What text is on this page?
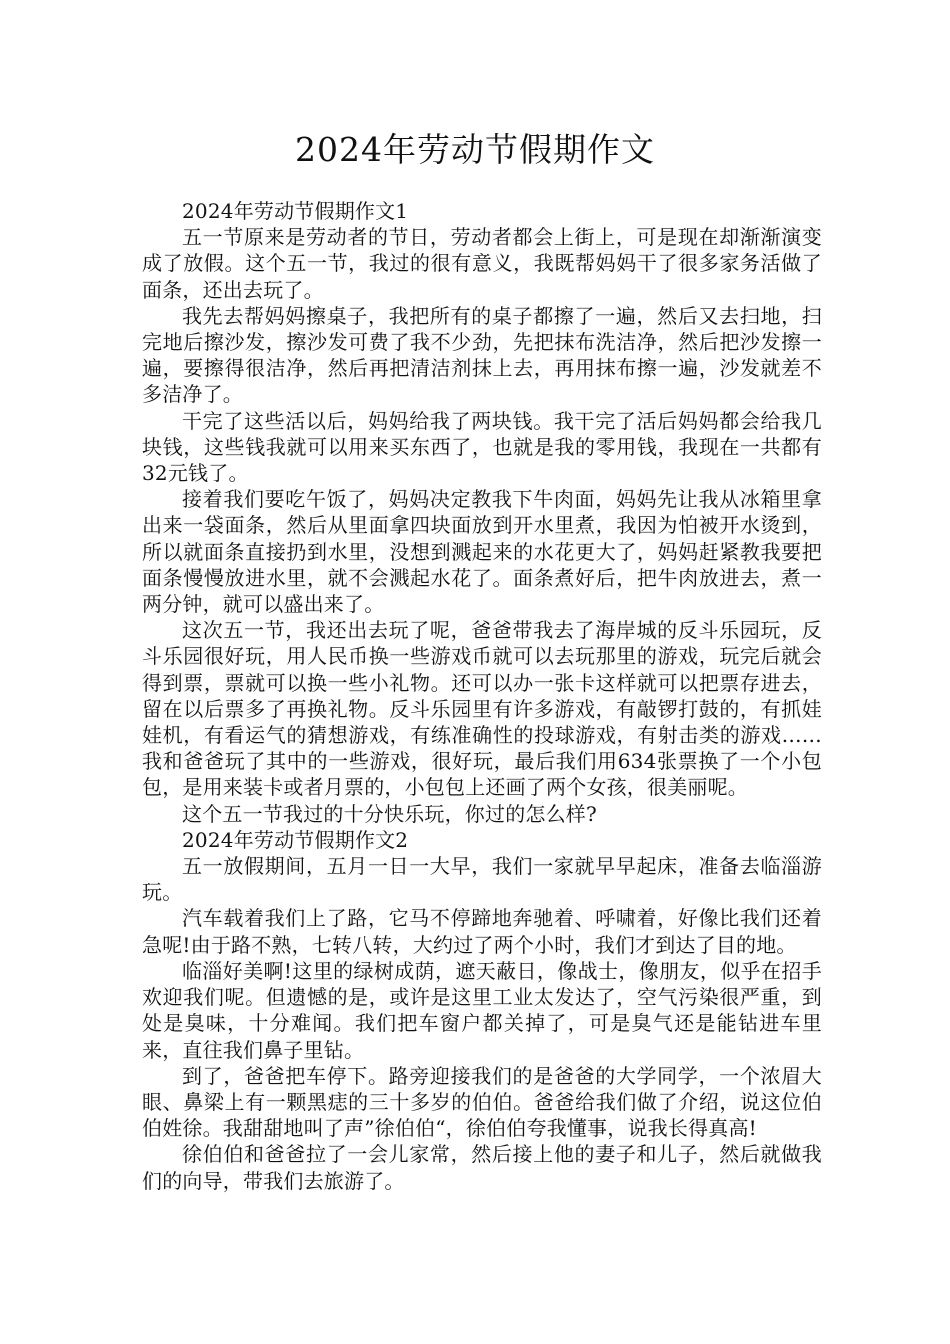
2024年劳动节假期作文

2024年劳动节假期作文1

五一节原来是劳动者的节日，劳动者都会上街上，可是现在却渐渐演变成了放假。这个五一节，我过的很有意义，我既帮妈妈干了很多家务活做了面条，还出去玩了。

我先去帮妈妈擦桌子，我把所有的桌子都擦了一遍，然后又去扫地，扫完地后擦沙发，擦沙发可费了我不少劲，先把抹布洗洁净，然后把沙发擦一遍，要擦得很洁净，然后再把清洁剂抹上去，再用抹布擦一遍，沙发就差不多洁净了。

干完了这些活以后，妈妈给我了两块钱。我干完了活后妈妈都会给我几块钱，这些钱我就可以用来买东西了，也就是我的零用钱，我现在一共都有32元钱了。

接着我们要吃午饭了，妈妈决定教我下牛肉面，妈妈先让我从冰箱里拿出来一袋面条，然后从里面拿四块面放到开水里煮，我因为怕被开水烫到，所以就面条直接扔到水里，没想到溅起来的水花更大了，妈妈赶紧教我要把面条慢慢放进水里，就不会溅起水花了。面条煮好后，把牛肉放进去，煮一两分钟，就可以盛出来了。

这次五一节，我还出去玩了呢，爸爸带我去了海岸城的反斗乐园玩，反斗乐园很好玩，用人民币换一些游戏币就可以去玩那里的游戏，玩完后就会得到票，票就可以换一些小礼物。还可以办一张卡这样就可以把票存进去，留在以后票多了再换礼物。反斗乐园里有许多游戏，有敲锣打鼓的，有抓娃娃机，有看运气的猜想游戏，有练准确性的投球游戏，有射击类的游戏……我和爸爸玩了其中的一些游戏，很好玩，最后我们用634张票换了一个小包包，是用来装卡或者月票的，小包包上还画了两个女孩，很美丽呢。

这个五一节我过的十分快乐玩，你过的怎么样?

2024年劳动节假期作文2

五一放假期间，五月一日一大早，我们一家就早早起床，准备去临淄游玩。

汽车载着我们上了路，它马不停蹄地奔驰着、呼啸着，好像比我们还着急呢!由于路不熟，七转八转，大约过了两个小时，我们才到达了目的地。

临淄好美啊!这里的绿树成荫，遮天蔽日，像战士，像朋友，似乎在招手欢迎我们呢。但遗憾的是，或许是这里工业太发达了，空气污染很严重，到处是臭味，十分难闻。我们把车窗户都关掉了，可是臭气还是能钻进车里来，直往我们鼻子里钻。

到了，爸爸把车停下。路旁迎接我们的是爸爸的大学同学，一个浓眉大眼、鼻梁上有一颗黑痣的三十多岁的伯伯。爸爸给我们做了介绍，说这位伯伯姓徐。我甜甜地叫了声”徐伯伯“，徐伯伯夸我懂事，说我长得真高!

徐伯伯和爸爸拉了一会儿家常，然后接上他的妻子和儿子，然后就做我们的向导，带我们去旅游了。
